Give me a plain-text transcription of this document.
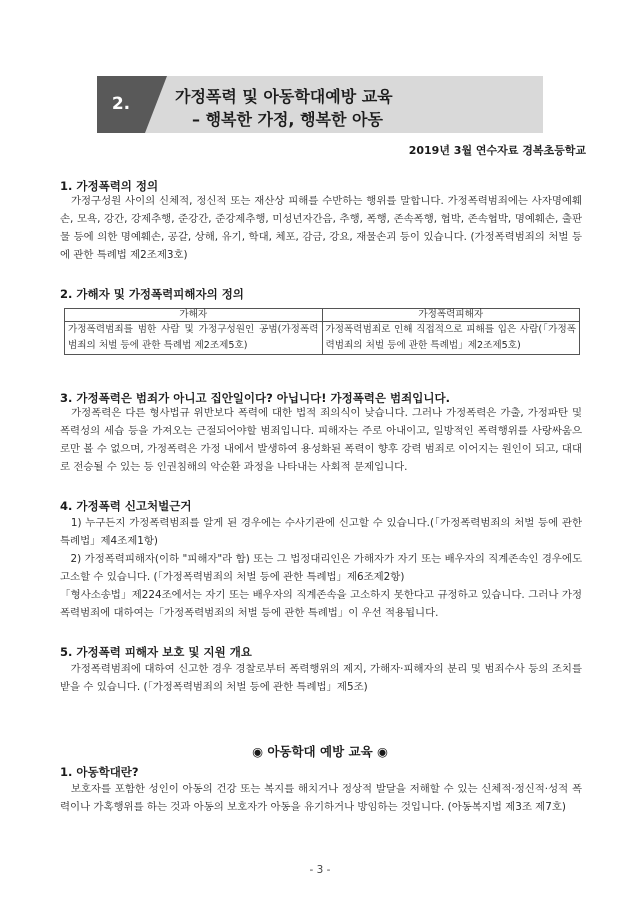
2.	가정폭력 및 아동학대예방 교육
– 행복한 가정, 행복한 아동
2019년 3월 연수자료 경복초등학교
1. 가정폭력의 정의
　가정구성원 사이의 신체적, 정신적 또는 재산상 피해를 수반하는 행위를 말합니다. 가정폭력범죄에는 사자명예훼손, 모욕, 강간, 강제추행, 준강간, 준강제추행, 미성년자간음, 추행, 폭행, 존속폭행, 협박, 존속협박, 명예훼손, 출판물 등에 의한 명예훼손, 공갈, 상해, 유기, 학대, 체포, 감금, 강요, 재물손괴 등이 있습니다. (가정폭력범죄의 처벌 등에 관한 특례법 제2조제3호)
2. 가해자 및 가정폭력피해자의 정의
가해자	가정폭력피해자
가정폭력범죄를 범한 사람 및 가정구성원인 공범(가정폭력범죄의 처벌 등에 관한 특례법 제2조제5호)	가정폭력범죄로 인해 직접적으로 피해를 입은 사람(「가정폭력범죄의 처벌 등에 관한 특례법」제2조제5호)
3. 가정폭력은 범죄가 아니고 집안일이다? 아닙니다! 가정폭력은 범죄입니다.
　가정폭력은 다른 형사법규 위반보다 폭력에 대한 법적 죄의식이 낮습니다. 그러나 가정폭력은 가출, 가정파탄 및 폭력성의 세습 등을 가져오는 근절되어야할 범죄입니다. 피해자는 주로 아내이고, 일방적인 폭력행위를 사랑싸움으로만 볼 수 없으며, 가정폭력은 가정 내에서 발생하여 용성화된 폭력이 향후 강력 범죄로 이어지는 원인이 되고, 대대로 전승될 수 있는 등 인권침해의 악순환 과정을 나타내는 사회적 문제입니다.
4. 가정폭력 신고처벌근거
　1) 누구든지 가정폭력범죄를 알게 된 경우에는 수사기관에 신고할 수 있습니다.(「가정폭력범죄의 처벌 등에 관한 특례법」제4조제1항)
　2) 가정폭력피해자(이하 "피해자"라 함) 또는 그 법정대리인은 가해자가 자기 또는 배우자의 직계존속인 경우에도 고소할 수 있습니다. (「가정폭력범죄의 처벌 등에 관한 특례법」제6조제2항)
「형사소송법」제224조에서는 자기 또는 배우자의 직계존속을 고소하지 못한다고 규정하고 있습니다. 그러나 가정폭력범죄에 대하여는「가정폭력범죄의 처벌 등에 관한 특례법」이 우선 적용됩니다.
5. 가정폭력 피해자 보호 및 지원 개요
　가정폭력범죄에 대하여 신고한 경우 경찰로부터 폭력행위의 제지, 가해자·피해자의 분리 및 범죄수사 등의 조치를 받을 수 있습니다. (「가정폭력범죄의 처벌 등에 관한 특례법」제5조)
◉ 아동학대 예방 교육 ◉
1. 아동학대란?
　보호자를 포함한 성인이 아동의 건강 또는 복지를 해치거나 정상적 발달을 저해할 수 있는 신체적·정신적·성적 폭력이나 가혹행위를 하는 것과 아동의 보호자가 아동을 유기하거나 방임하는 것입니다. (아동복지법 제3조 제7호)
- 3 -
